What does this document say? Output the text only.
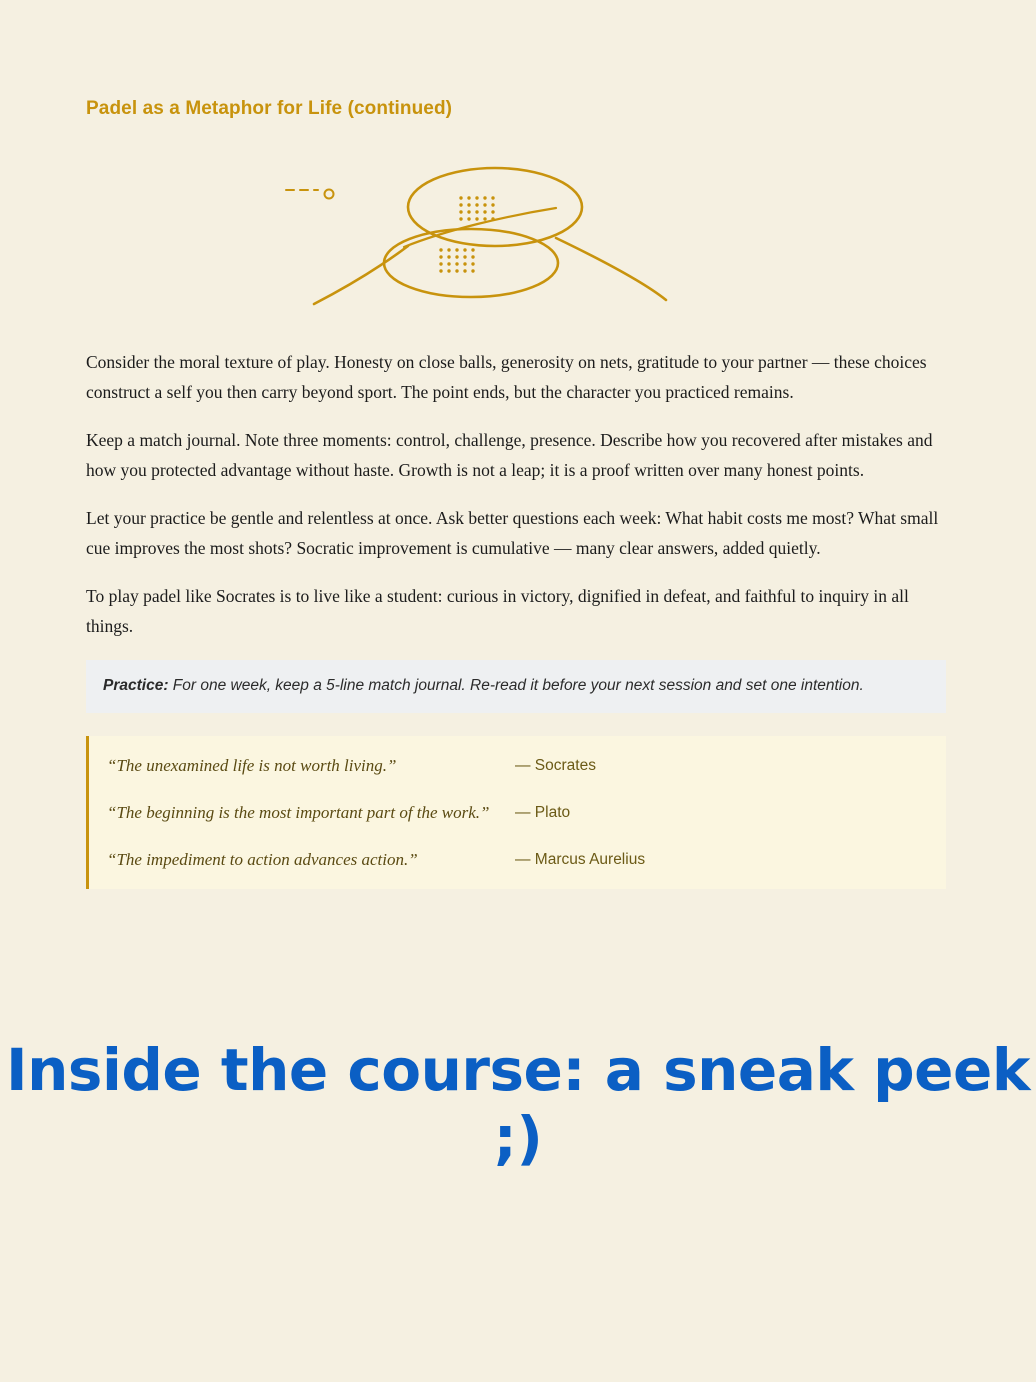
Padel as a Metaphor for Life (continued)

Consider the moral texture of play. Honesty on close balls, generosity on nets, gratitude to your partner — these choices construct a self you then carry beyond sport. The point ends, but the character you practiced remains.

Keep a match journal. Note three moments: control, challenge, presence. Describe how you recovered after mistakes and how you protected advantage without haste. Growth is not a leap; it is a proof written over many honest points.

Let your practice be gentle and relentless at once. Ask better questions each week: What habit costs me most? What small cue improves the most shots? Socratic improvement is cumulative — many clear answers, added quietly.

To play padel like Socrates is to live like a student: curious in victory, dignified in defeat, and faithful to inquiry in all things.

Practice: For one week, keep a 5-line match journal. Re-read it before your next session and set one intention.
“The unexamined life is not worth living.”	— Socrates
“The beginning is the most important part of the work.”	— Plato
“The impediment to action advances action.”	— Marcus Aurelius
Inside the course: a sneak peek ;)
